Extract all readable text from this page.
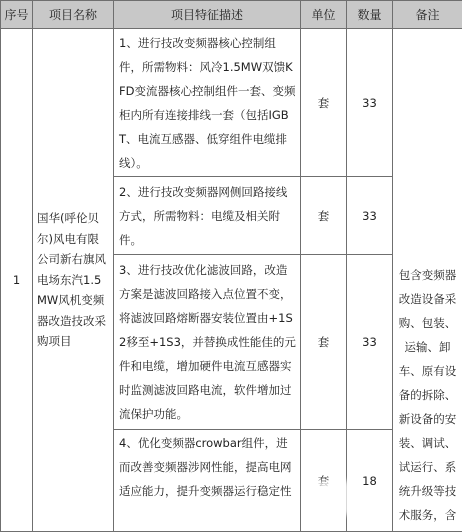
序号	项目名称	项目特征描述	单位	数量	备注
1	国华(呼伦贝尔)风电有限公司新右旗风电场东汽1.5MW风机变频器改造技改采购项目	1、进行技改变频器核心控制组件，所需物料：风冷1.5MW双馈KFD变流器核心控制组件一套、变频柜内所有连接排线一套（包括IGBT、电流互感器、低穿组件电缆排线）。	套	33	包含变频器改造设备采购、包装、运输、卸车、原有设备的拆除、新设备的安装、调试、试运行、系统升级等技术服务，含

		2、进行技改变频器网侧回路接线方式，所需物料：电缆及相关附件。	套	33	
		3、进行技改优化滤波回路，改造方案是滤波回路接入点位置不变，将滤波回路熔断器安装位置由+1S2移至+1S3，并替换成性能佳的元件和电缆，增加硬件电流互感器实时监测滤波回路电流，软件增加过流保护功能。	套	33	

		4、优化变频器crowbar组件，进而改善变频器涉网性能，提高电网适应能力，提升变频器运行稳定性		18	
